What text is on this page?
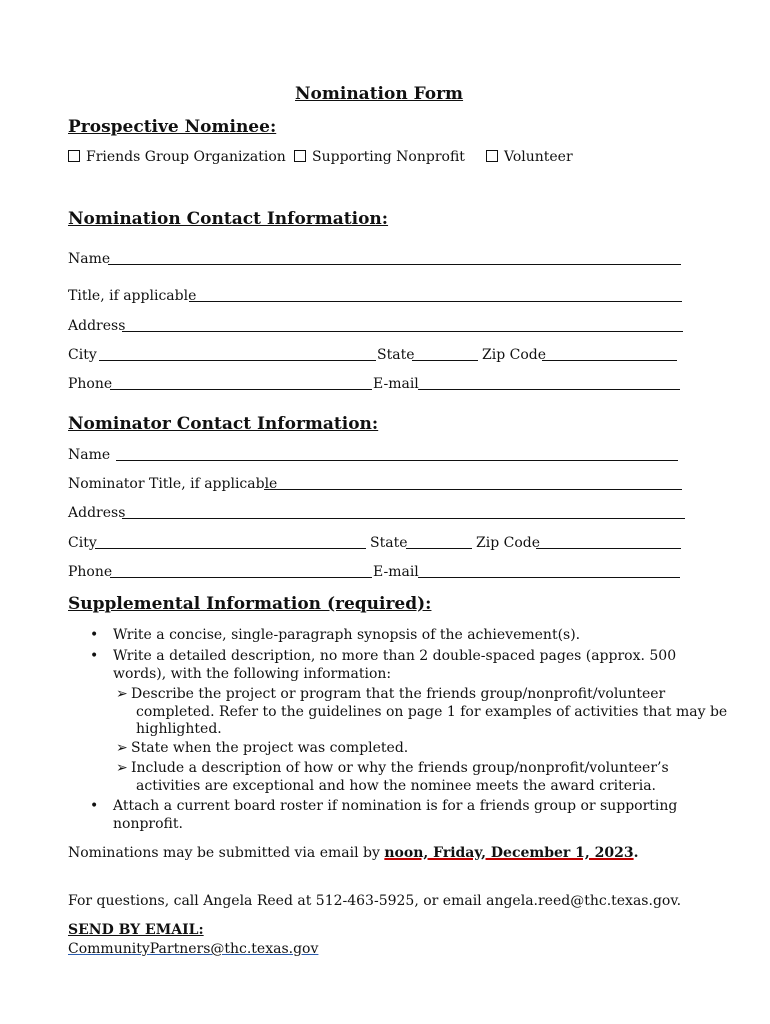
Nomination Form
Prospective Nominee:
Friends Group Organization	Supporting Nonprofit	Volunteer
Nomination Contact Information:
Name
Title, if applicable
Address
City	State	Zip Code
Phone	E-mail
Nominator Contact Information:
Name
Nominator Title, if applicable
Address
City	State	Zip Code
Phone	E-mail
Supplemental Information (required):
• Write a concise, single-paragraph synopsis of the achievement(s).
• Write a detailed description, no more than 2 double-spaced pages (approx. 500
words), with the following information:
➢ Describe the project or program that the friends group/nonprofit/volunteer
completed. Refer to the guidelines on page 1 for examples of activities that may be
highlighted.
➢ State when the project was completed.
➢ Include a description of how or why the friends group/nonprofit/volunteer’s
activities are exceptional and how the nominee meets the award criteria.
• Attach a current board roster if nomination is for a friends group or supporting
nonprofit.
Nominations may be submitted via email by noon, Friday, December 1, 2023.
For questions, call Angela Reed at 512-463-5925, or email angela.reed@thc.texas.gov.
SEND BY EMAIL:
CommunityPartners@thc.texas.gov
